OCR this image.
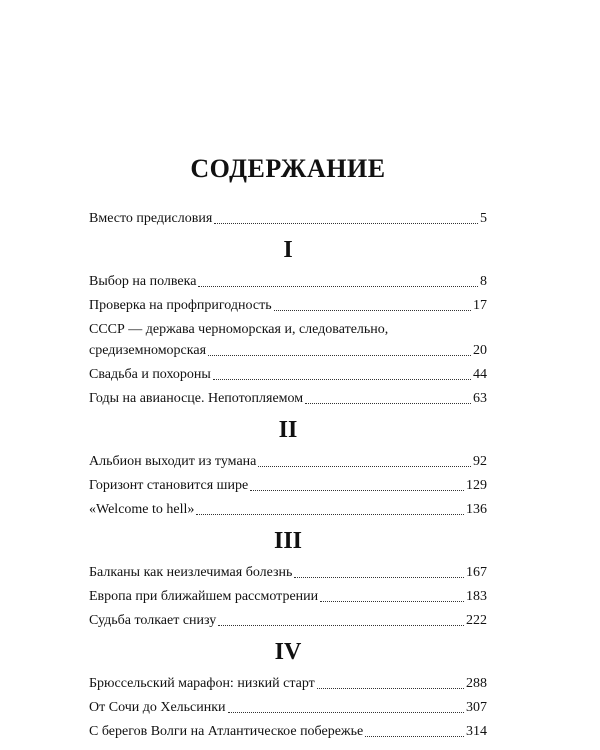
СОДЕРЖАНИЕ
Вместо предисловия	5
I
Выбор на полвека	8
Проверка на профпригодность	17
СССР — держава черноморская и, следовательно,
средиземноморская	20
Свадьба и похороны	44
Годы на авианосце. Непотопляемом	63
II
Альбион выходит из тумана	92
Горизонт становится шире	129
«Welcome to hell»	136
III
Балканы как неизлечимая болезнь	167
Европа при ближайшем рассмотрении	183
Судьба толкает снизу	222
IV
Брюссельский марафон: низкий старт	288
От Сочи до Хельсинки	307
С берегов Волги на Атлантическое побережье	314
